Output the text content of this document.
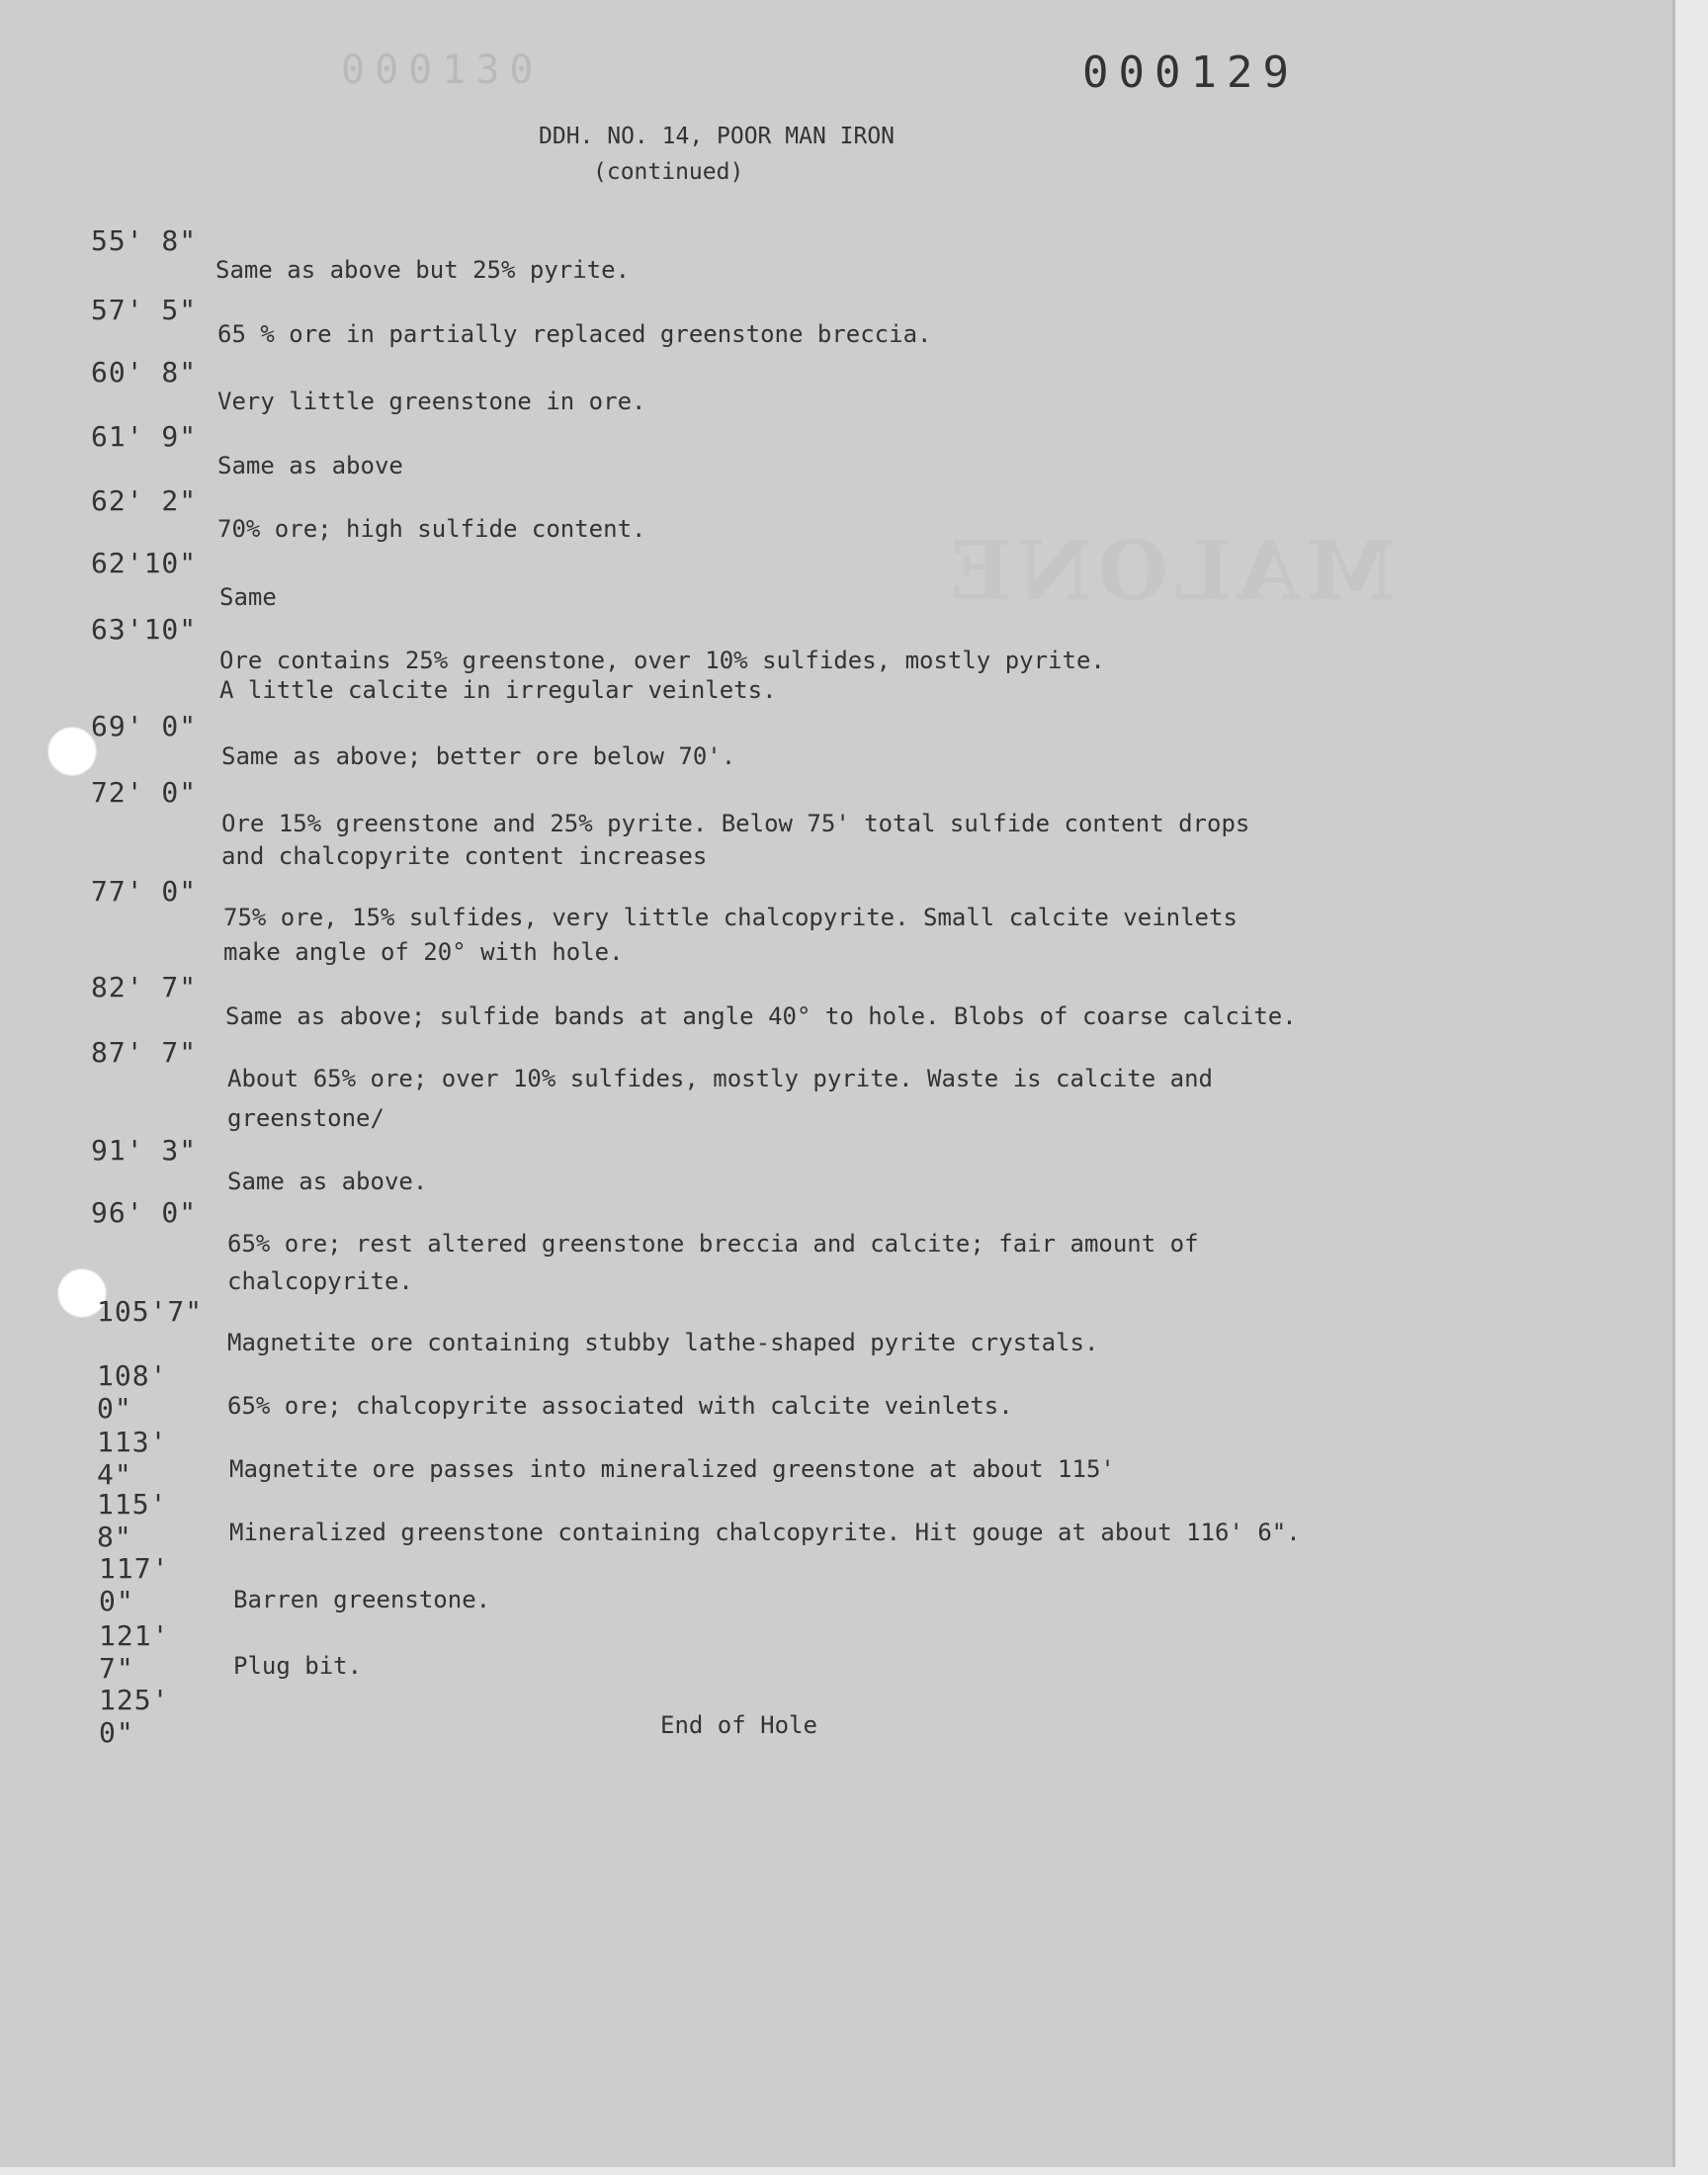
000130	000129
MALONE
DDH. NO. 14, POOR MAN IRON
(continued)
55' 8"
57' 5"
60' 8"
61' 9"
62' 2"
62'10"
63'10"
69' 0"
72' 0"
77' 0"
82' 7"
87' 7"
91' 3"
96' 0"
105'7"
108' 0"
113' 4"
115' 8"
117' 0"
121' 7"
125' 0"
Same as above but 25% pyrite.
65 % ore in partially replaced greenstone breccia.
Very little greenstone in ore.
Same as above
70% ore; high sulfide content.
Same
Ore contains 25% greenstone, over 10% sulfides, mostly pyrite.
A little calcite in irregular veinlets.
Same as above; better ore below 70'.
Ore 15% greenstone and 25% pyrite. Below 75' total sulfide content drops
and chalcopyrite content increases
75% ore, 15% sulfides, very little chalcopyrite. Small calcite veinlets
make angle of 20° with hole.
Same as above; sulfide bands at angle 40° to hole. Blobs of coarse calcite.
About 65% ore; over 10% sulfides, mostly pyrite. Waste is calcite and
greenstone/
Same as above.
65% ore; rest altered greenstone breccia and calcite; fair amount of
chalcopyrite.
Magnetite ore containing stubby lathe-shaped pyrite crystals.
65% ore; chalcopyrite associated with calcite veinlets.
Magnetite ore passes into mineralized greenstone at about 115'
Mineralized greenstone containing chalcopyrite. Hit gouge at about 116' 6".
Barren greenstone.
Plug bit.
End of Hole
